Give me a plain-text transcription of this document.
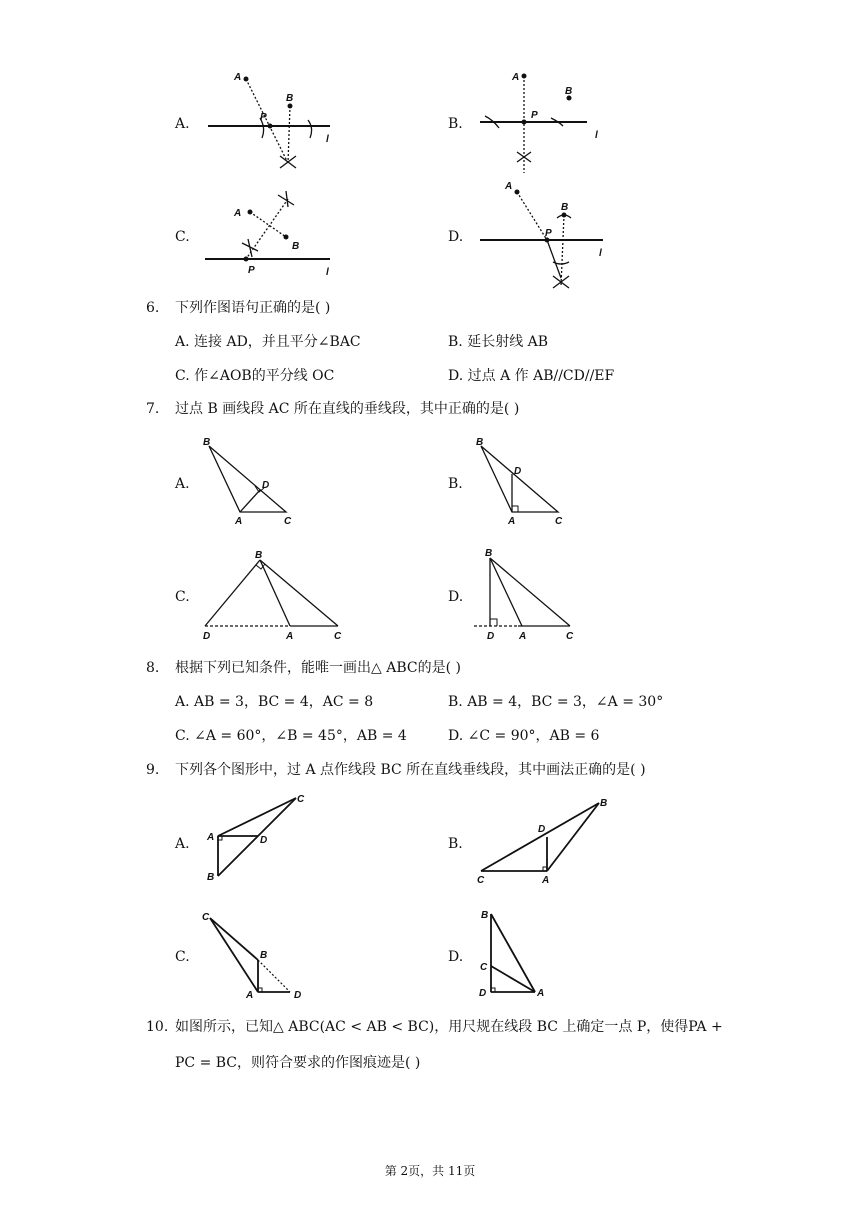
A.	B.
C.	D.
A
B
P
l
A
B
P
l
A
B
P	l
A
B
P
l
6. 下列作图语句正确的是( )
A. 连接 AD，并且平分∠BAC	B. 延长射线 AB
C. 作∠AOB的平分线 OC	D. 过点 A 作 AB//CD//EF
7. 过点 B 画线段 AC 所在直线的垂线段，其中正确的是( )
A.	B.
C.	D.
B
D
A	C
B
D
A	C
B
D	A	C
B
D A	C
8. 根据下列已知条件，能唯一画出△ ABC的是( )
A. AB = 3，BC = 4，AC = 8	B. AB = 4，BC = 3，∠A = 30°
C. ∠A = 60°，∠B = 45°，AB = 4	D. ∠C = 90°，AB = 6
9. 下列各个图形中，过 A 点作线段 BC 所在直线垂线段，其中画法正确的是( )
A.	B.
C.	D.
C
A	D
B
B
D
C	A
C
B
A	D
B
C
D	A
10. 如图所示，已知△ ABC(AC < AB < BC)，用尺规在线段 BC 上确定一点 P，使得PA +
PC = BC，则符合要求的作图痕迹是( )
第 2页，共 11页
